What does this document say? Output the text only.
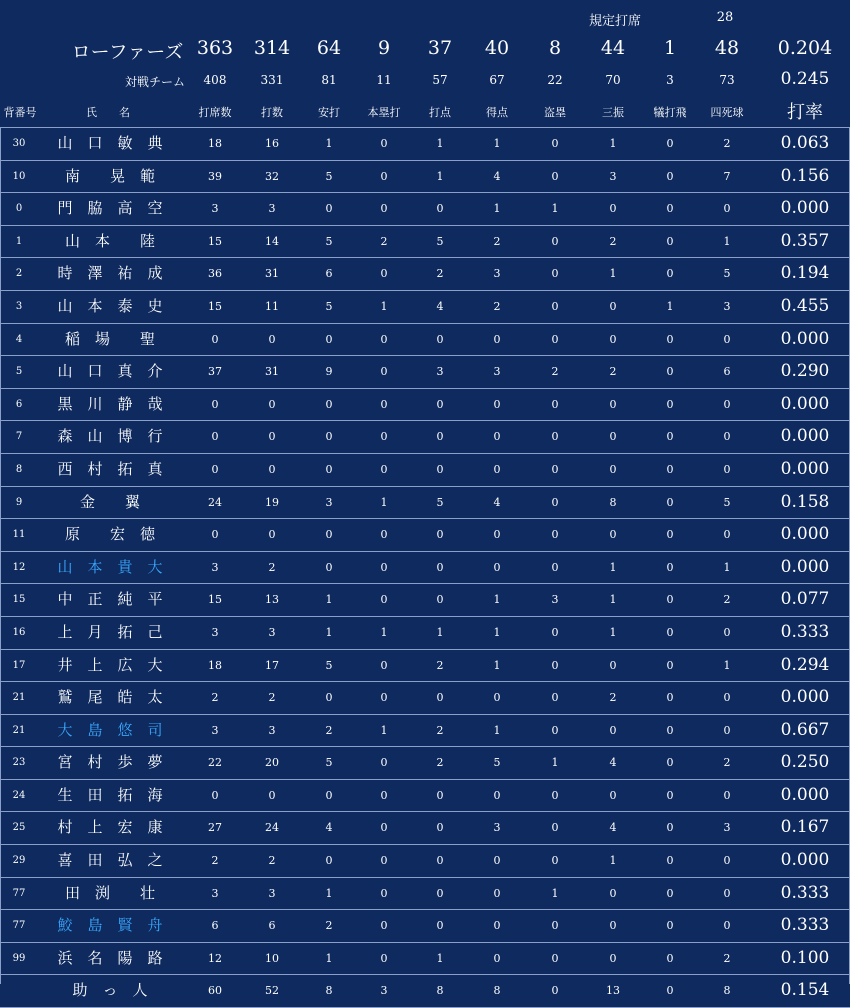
規定打席	28
ローファーズ	0.204
363	314	64	9	37	40	8	44	1	48
対戦チーム	0.245
408	331	81	11	57	67	22	70	3	73
背番号	氏　　名	打席数	打数	安打	本塁打	打点	得点	盗塁	三振	犠打飛	四死球	打率
30	山　口　敏　典	18	16	1	0	1	1	0	1	0	2	0.063
10	南　　晃　範	39	32	5	0	1	4	0	3	0	7	0.156
0	門　脇　高　空	3	3	0	0	0	1	1	0	0	0	0.000
1	山　本　　陸	15	14	5	2	5	2	0	2	0	1	0.357
2	時　澤　祐　成	36	31	6	0	2	3	0	1	0	5	0.194
3	山　本　泰　史	15	11	5	1	4	2	0	0	1	3	0.455
4	稲　場　　聖	0	0	0	0	0	0	0	0	0	0	0.000
5	山　口　真　介	37	31	9	0	3	3	2	2	0	6	0.290
6	黒　川　静　哉	0	0	0	0	0	0	0	0	0	0	0.000
7	森　山　博　行	0	0	0	0	0	0	0	0	0	0	0.000
8	西　村　拓　真	0	0	0	0	0	0	0	0	0	0	0.000
9	金　　翼	24	19	3	1	5	4	0	8	0	5	0.158
11	原　　宏　徳	0	0	0	0	0	0	0	0	0	0	0.000
12	山　本　貴　大	3	2	0	0	0	0	0	1	0	1	0.000
15	中　正　純　平	15	13	1	0	0	1	3	1	0	2	0.077
16	上　月　拓　己	3	3	1	1	1	1	0	1	0	0	0.333
17	井　上　広　大	18	17	5	0	2	1	0	0	0	1	0.294
21	鷲　尾　皓　太	2	2	0	0	0	0	0	2	0	0	0.000
21	大　島　悠　司	3	3	2	1	2	1	0	0	0	0	0.667
23	宮　村　歩　夢	22	20	5	0	2	5	1	4	0	2	0.250
24	生　田　拓　海	0	0	0	0	0	0	0	0	0	0	0.000
25	村　上　宏　康	27	24	4	0	0	3	0	4	0	3	0.167
29	喜　田　弘　之	2	2	0	0	0	0	0	1	0	0	0.000
77	田　渕　　壮	3	3	1	0	0	0	1	0	0	0	0.333
77	鮫　島　賢　舟	6	6	2	0	0	0	0	0	0	0	0.333
99	浜　名　陽　路	12	10	1	0	1	0	0	0	0	2	0.100
助　っ　人	60	52	8	3	8	8	0	13	0	8	0.154
